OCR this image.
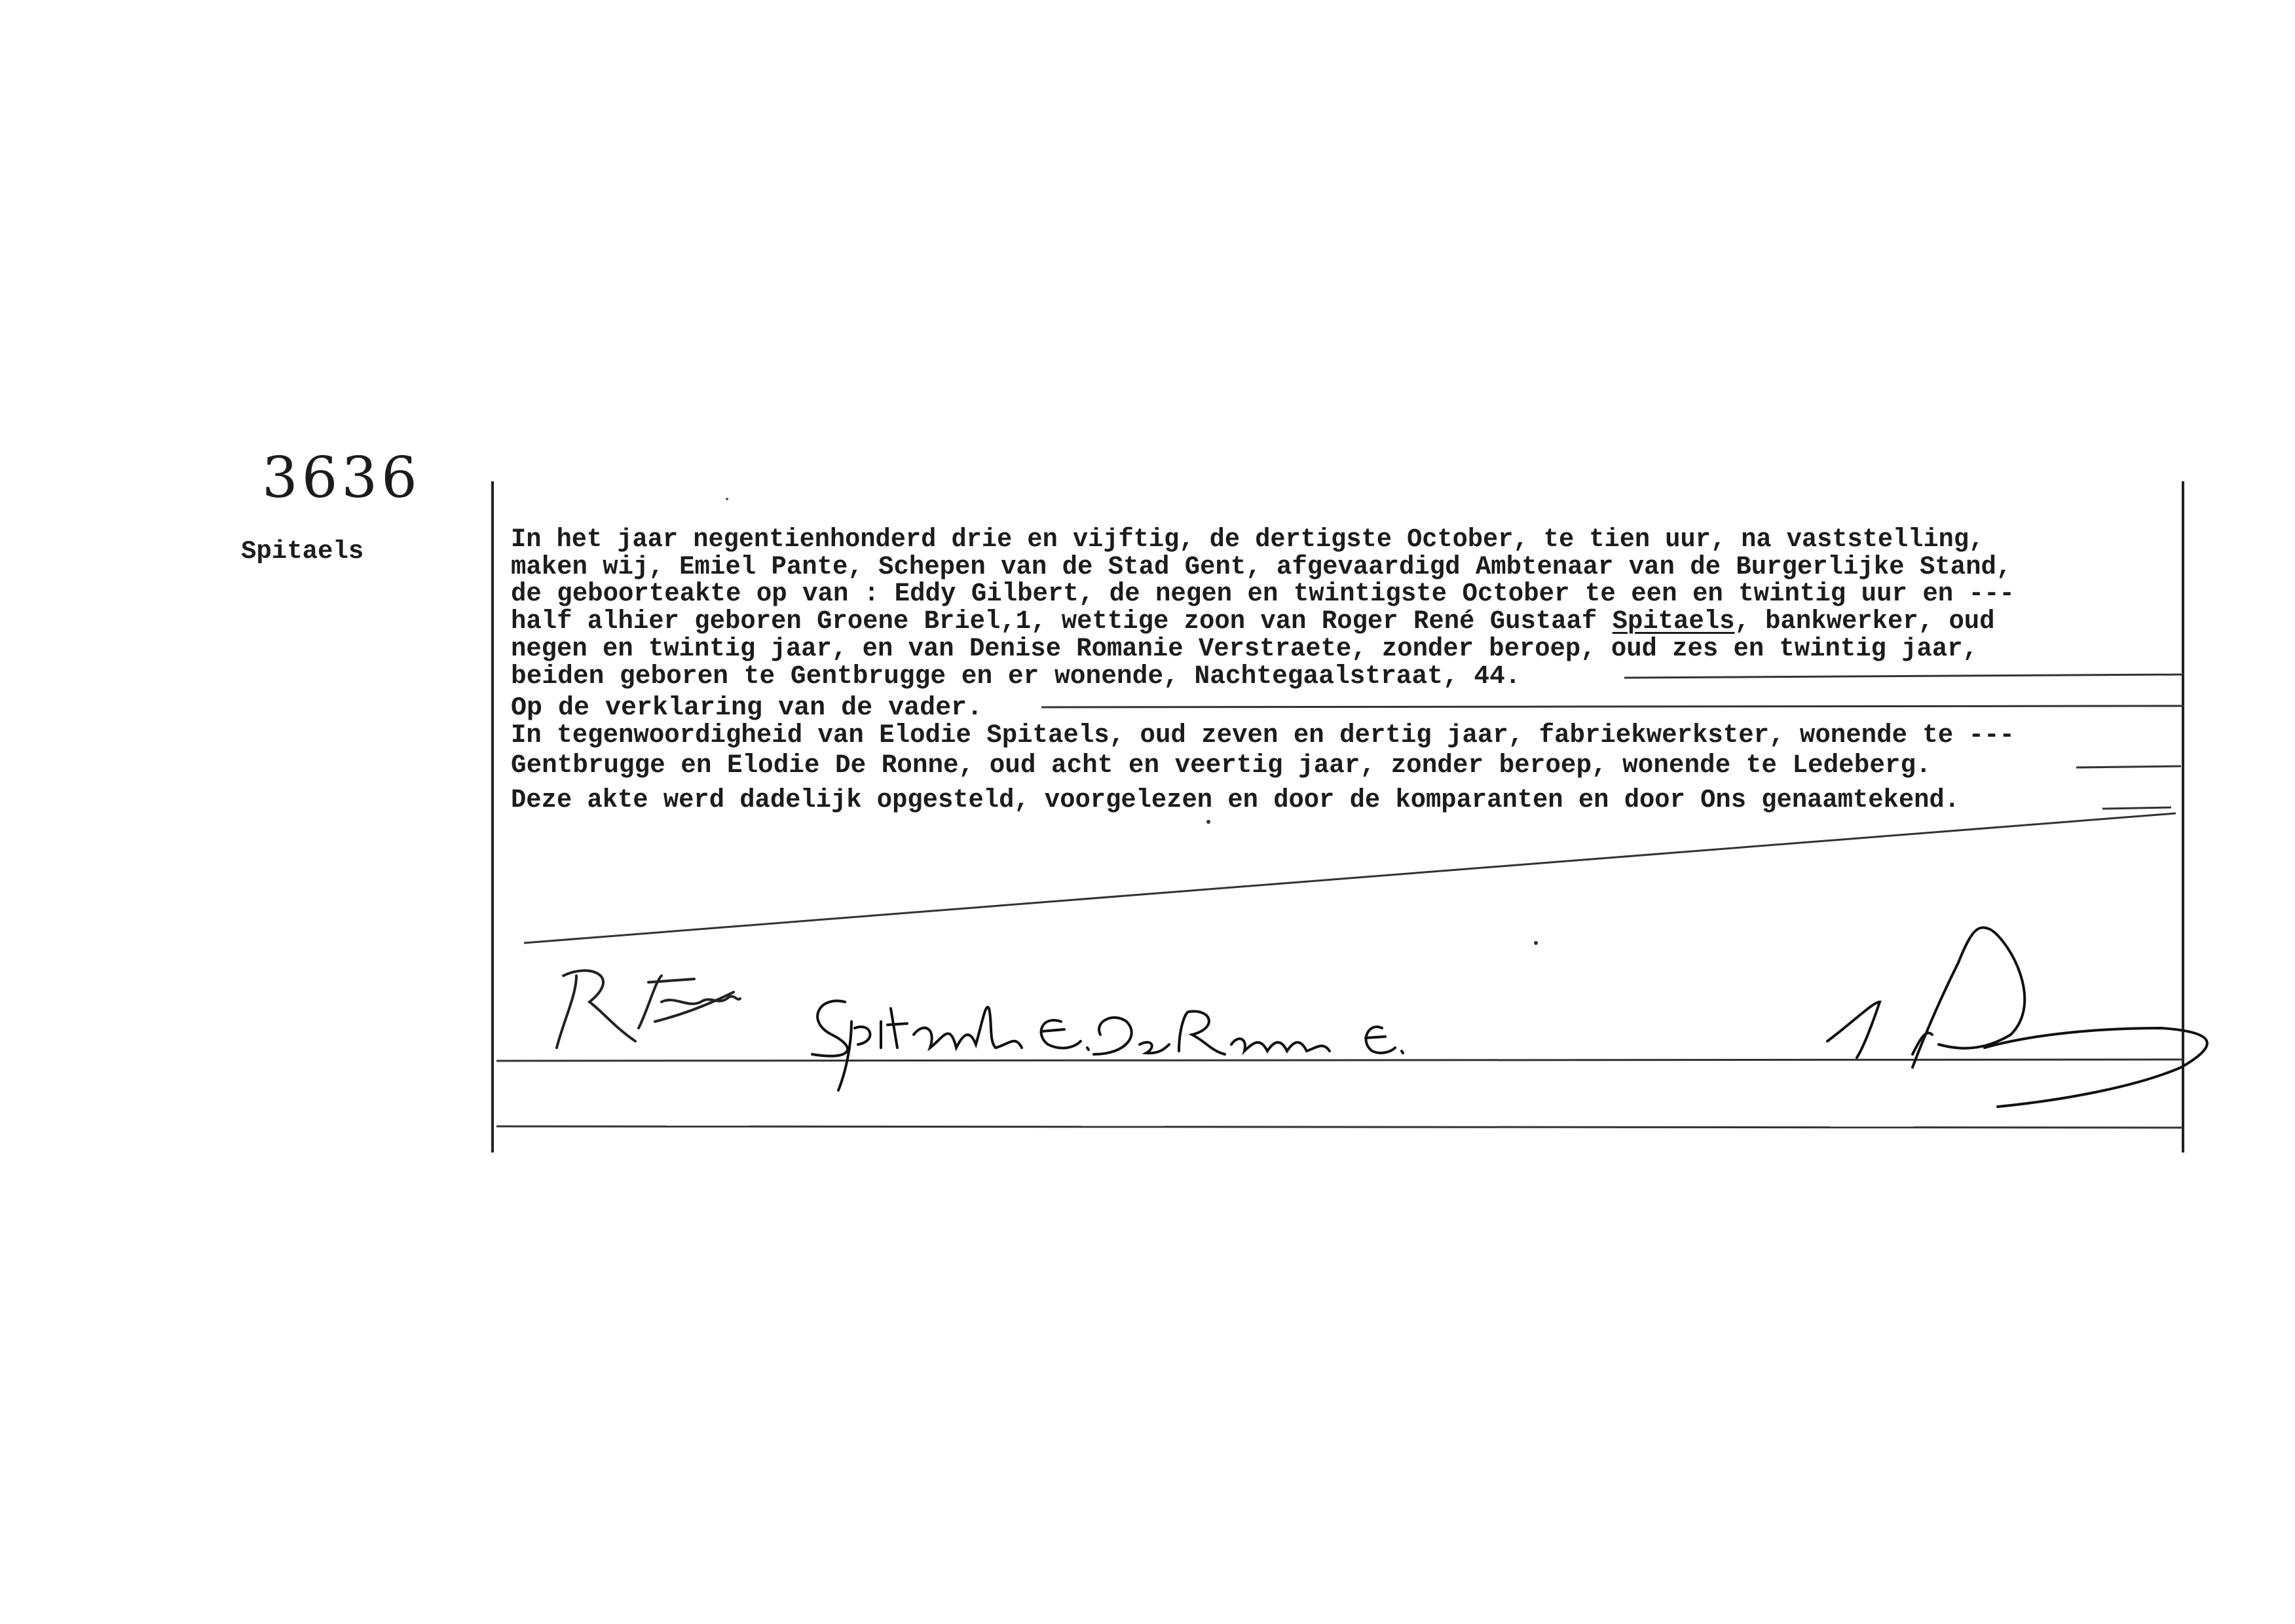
3636
Spitaels	In het jaar negentienhonderd drie en vijftig, de dertigste October, te tien uur, na vaststelling,
maken wij, Emiel Pante, Schepen van de Stad Gent, afgevaardigd Ambtenaar van de Burgerlijke Stand,
de geboorteakte op van : Eddy Gilbert, de negen en twintigste October te een en twintig uur en ---
half alhier geboren Groene Briel,1, wettige zoon van Roger René Gustaaf Spitaels, bankwerker, oud
negen en twintig jaar, en van Denise Romanie Verstraete, zonder beroep, oud zes en twintig jaar,
beiden geboren te Gentbrugge en er wonende, Nachtegaalstraat, 44.
Op de verklaring van de vader.
In tegenwoordigheid van Elodie Spitaels, oud zeven en dertig jaar, fabriekwerkster, wonende te ---
Gentbrugge en Elodie De Ronne, oud acht en veertig jaar, zonder beroep, wonende te Ledeberg.
Deze akte werd dadelijk opgesteld, voorgelezen en door de komparanten en door Ons genaamtekend.
